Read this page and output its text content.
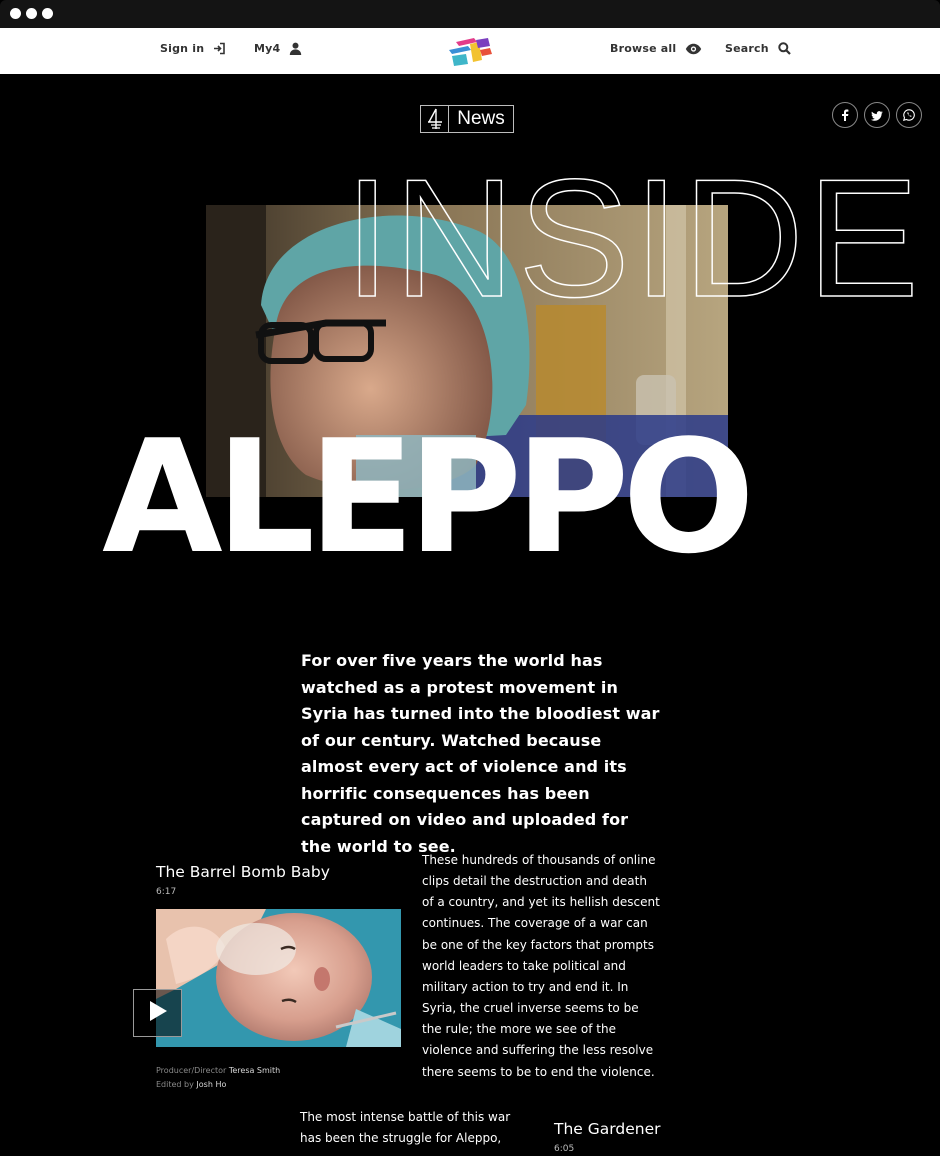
Sign in	My4	Browse all	Search
News
INSIDE
ALEPPO

For over five years the world has watched as a protest movement in Syria has turned into the bloodiest war of our century. Watched because almost every act of violence and its horrific consequences has been captured on video and uploaded for the world to see.

The Barrel Bomb Baby
6:17
Producer/Director Teresa Smith
Edited by Josh Ho

These hundreds of thousands of online clips detail the destruction and death of a country, and yet its hellish descent continues. The coverage of a war can be one of the key factors that prompts world leaders to take political and military action to try and end it. In Syria, the cruel inverse seems to be the rule; the more we see of the violence and suffering the less resolve there seems to be to end the violence.

The most intense battle of this war has been the struggle for Aleppo,

The Gardener
6:05
